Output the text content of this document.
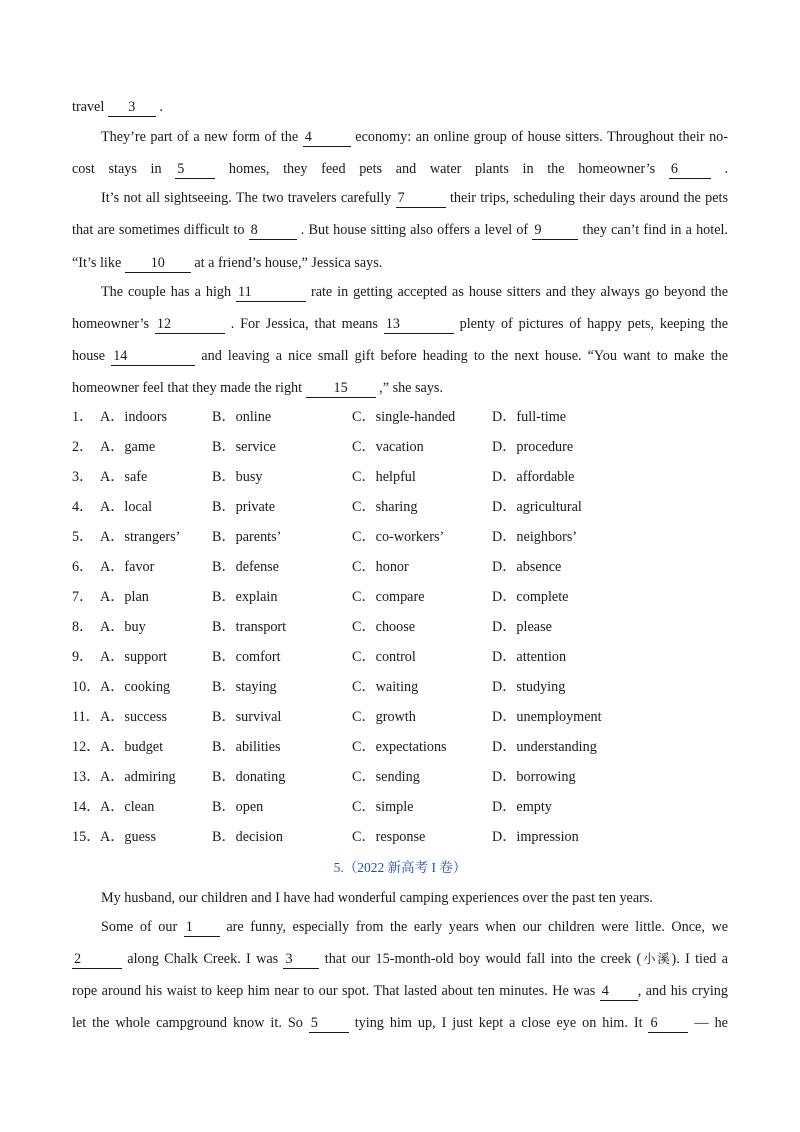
travel 3 .
They’re part of a new form of the 4	economy: an online group of house sitters. Throughout their no-
cost stays in 5 homes, they feed pets and water plants in the homeowner’s 6 .
It’s not all sightseeing. The two travelers carefully 7	their trips, scheduling their days around the pets
that are sometimes difficult to 8	. But house sitting also offers a level of 9	they can’t find in a hotel.
“It’s like 10 at a friend’s house,” Jessica says.
The couple has a high 11	rate in getting accepted as house sitters and they always go beyond the
homeowner’s 12	. For Jessica, that means 13	plenty of pictures of happy pets, keeping the
house 14	and leaving a nice small gift before heading to the next house. “You want to make the
homeowner feel that they made the right 15 ,” she says.
1． A．indoors	B．online	C．single-handed	D．full-time
2． A．game	B．service	C．vacation	D．procedure
3． A．safe	B．busy	C．helpful	D．affordable
4． A．local	B．private	C．sharing	D．agricultural
5． A．strangers’ B．parents’	C．co-workers’	D．neighbors’
6． A．favor	B．defense	C．honor	D．absence
7． A．plan	B．explain	C．compare	D．complete
8． A．buy	B．transport	C．choose	D．please
9． A．support	B．comfort	C．control	D．attention
10． A．cooking	B．staying	C．waiting	D．studying
11． A．success	B．survival	C．growth	D．unemployment
12． A．budget	B．abilities	C．expectations	D．understanding
13． A．admiring	B．donating	C．sending	D．borrowing
14． A．clean	B．open	C．simple	D．empty
15． A．guess	B．decision	C．response	D．impression
5.（2022 新高考 I 卷）
My husband, our children and I have had wonderful camping experiences over the past ten years.
Some of our 1 are funny, especially from the early years when our children were little. Once, we
2	along Chalk Creek. I was 3 that our 15-month-old boy would fall into the creek (小溪). I tied a
rope around his waist to keep him near to our spot. That lasted about ten minutes. He was 4 , and his crying
let the whole campground know it. So 5 tying him up, I just kept a close eye on him. It 6 — he
